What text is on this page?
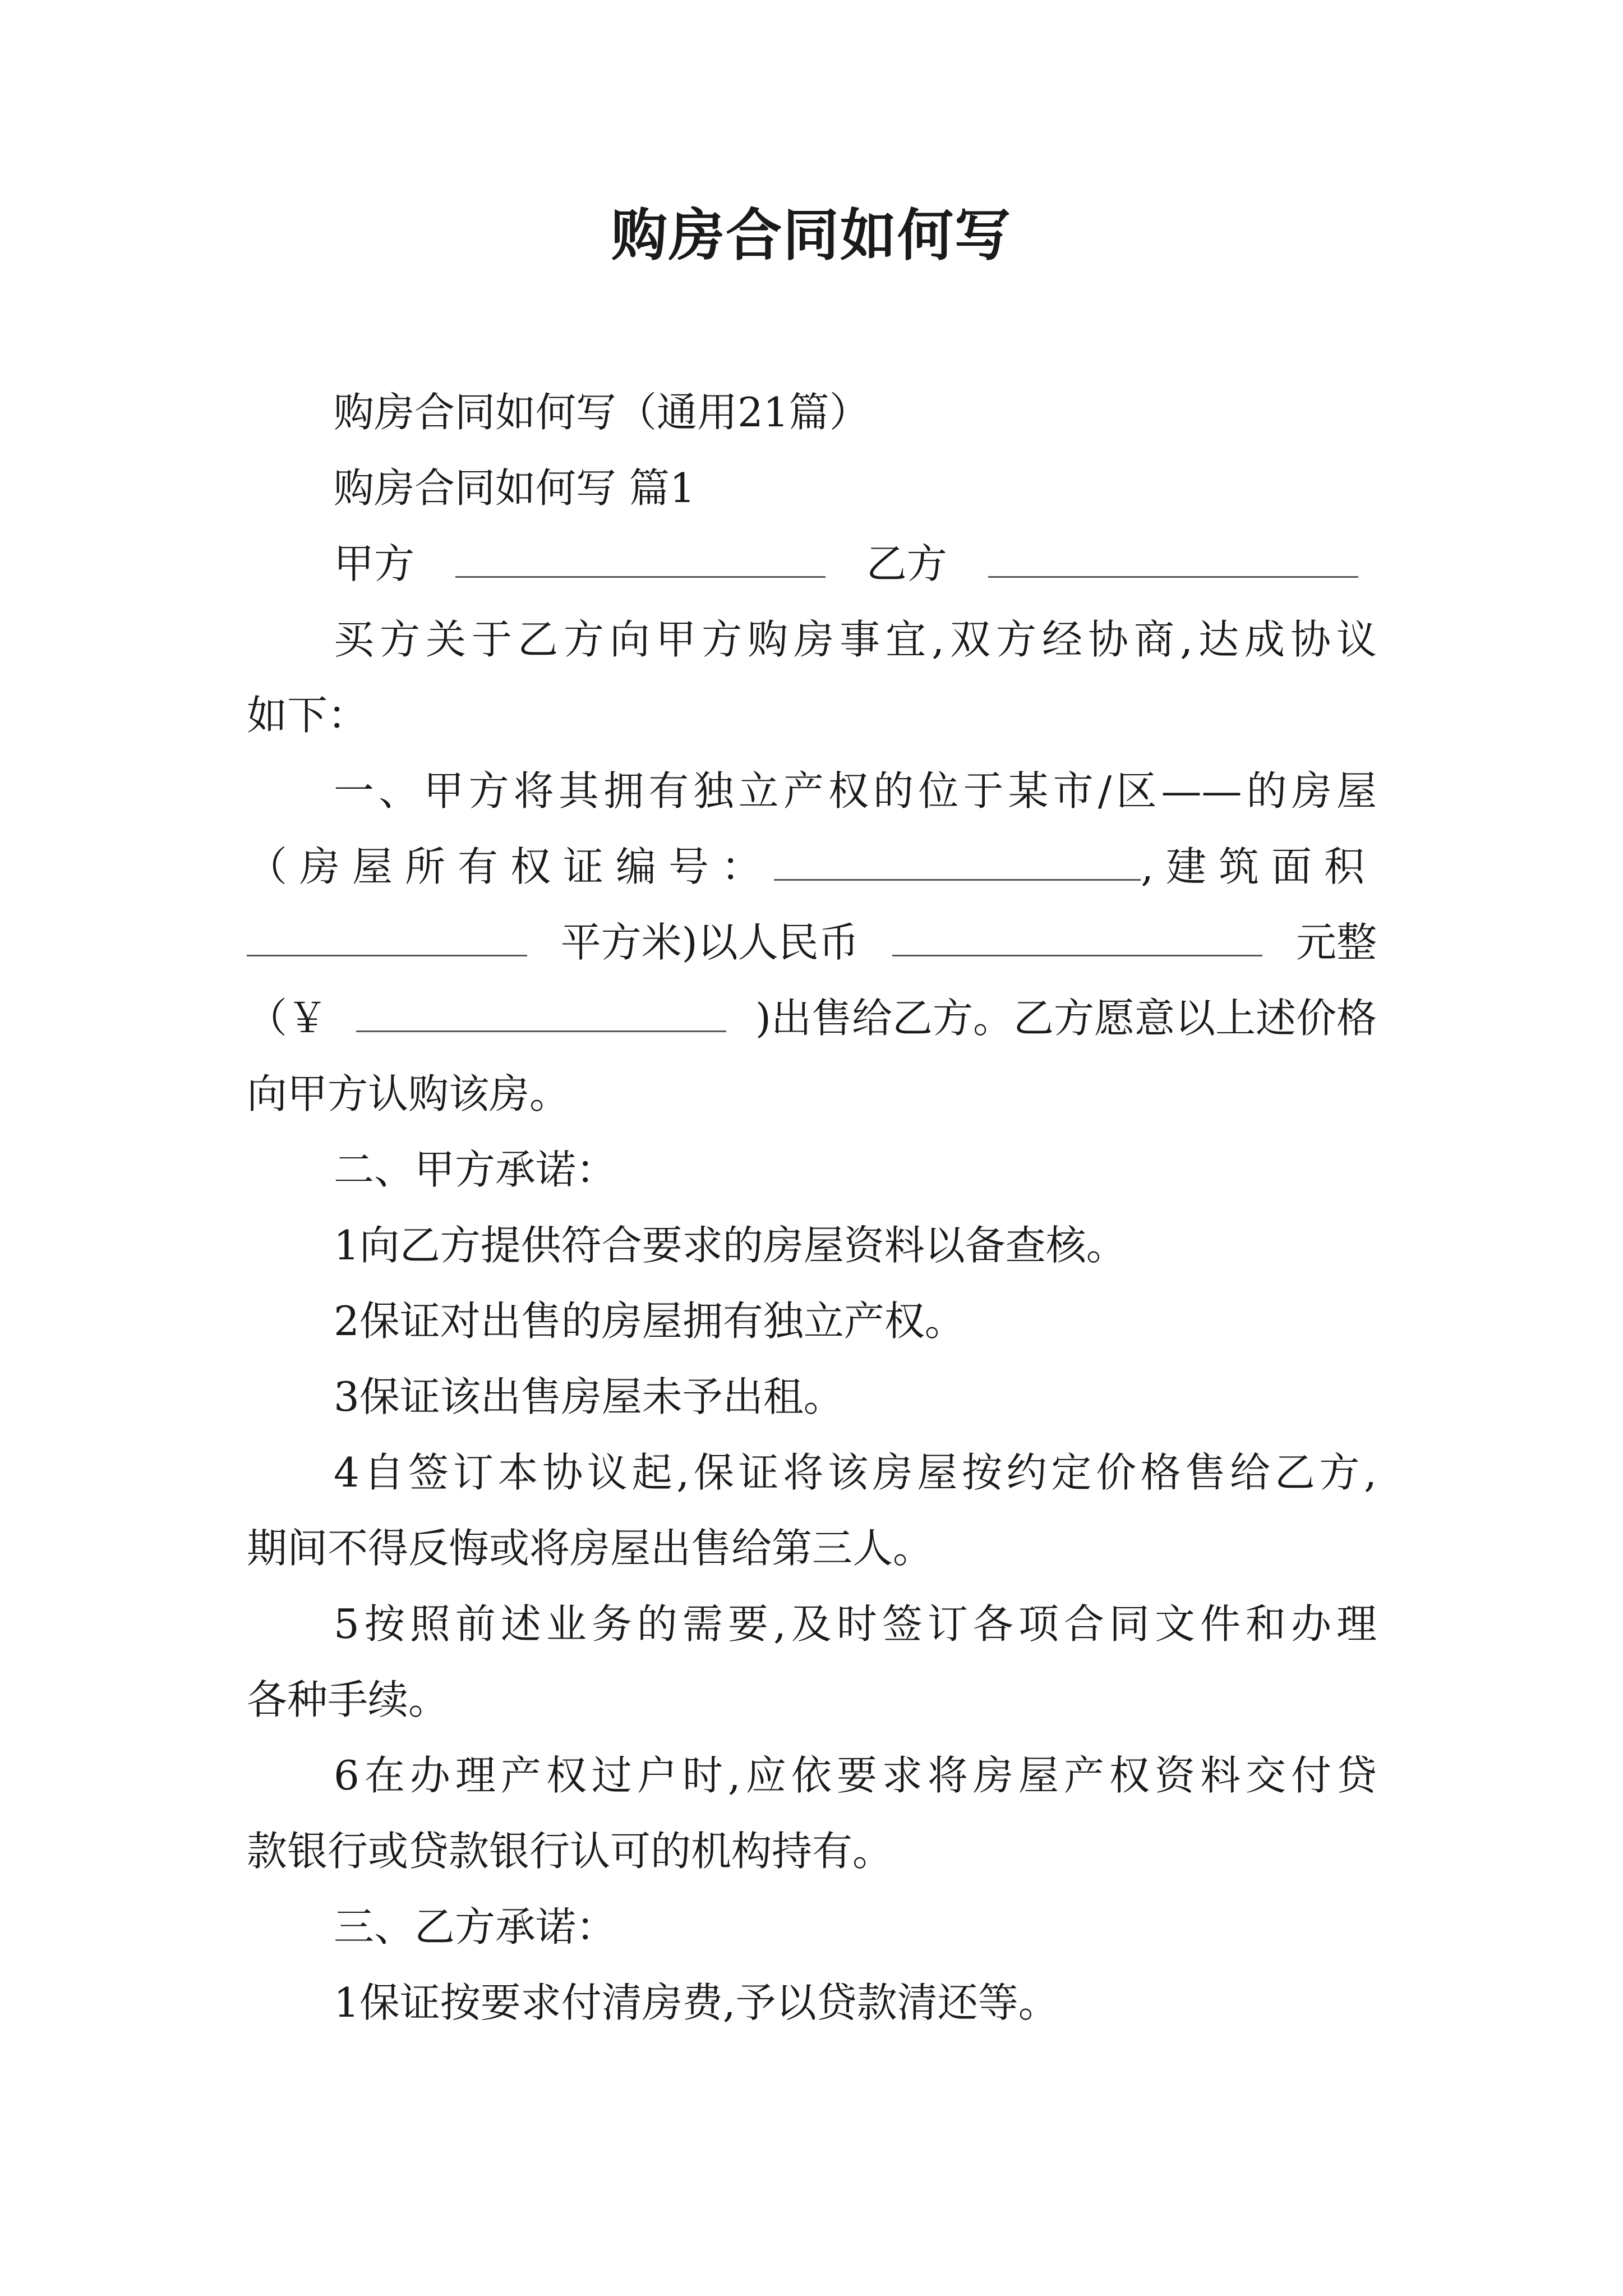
购房合同如何写
购房合同如何写（通用21篇）
购房合同如何写 篇1
甲方	乙方
买方关于乙方向甲方购房事宜,双方经协商,达成协议
如下：
一、甲方将其拥有独立产权的位于某市/区——的房屋
（房屋所有权证编号：	,建筑面积
平方米)以人民币	元整
（￥	)出售给乙方。乙方愿意以上述价格
向甲方认购该房。
二、甲方承诺：
1向乙方提供符合要求的房屋资料以备查核。
2保证对出售的房屋拥有独立产权。
3保证该出售房屋未予出租。
4自签订本协议起,保证将该房屋按约定价格售给乙方,
期间不得反悔或将房屋出售给第三人。
5按照前述业务的需要,及时签订各项合同文件和办理
各种手续。
6在办理产权过户时,应依要求将房屋产权资料交付贷
款银行或贷款银行认可的机构持有。
三、乙方承诺：
1保证按要求付清房费,予以贷款清还等。
